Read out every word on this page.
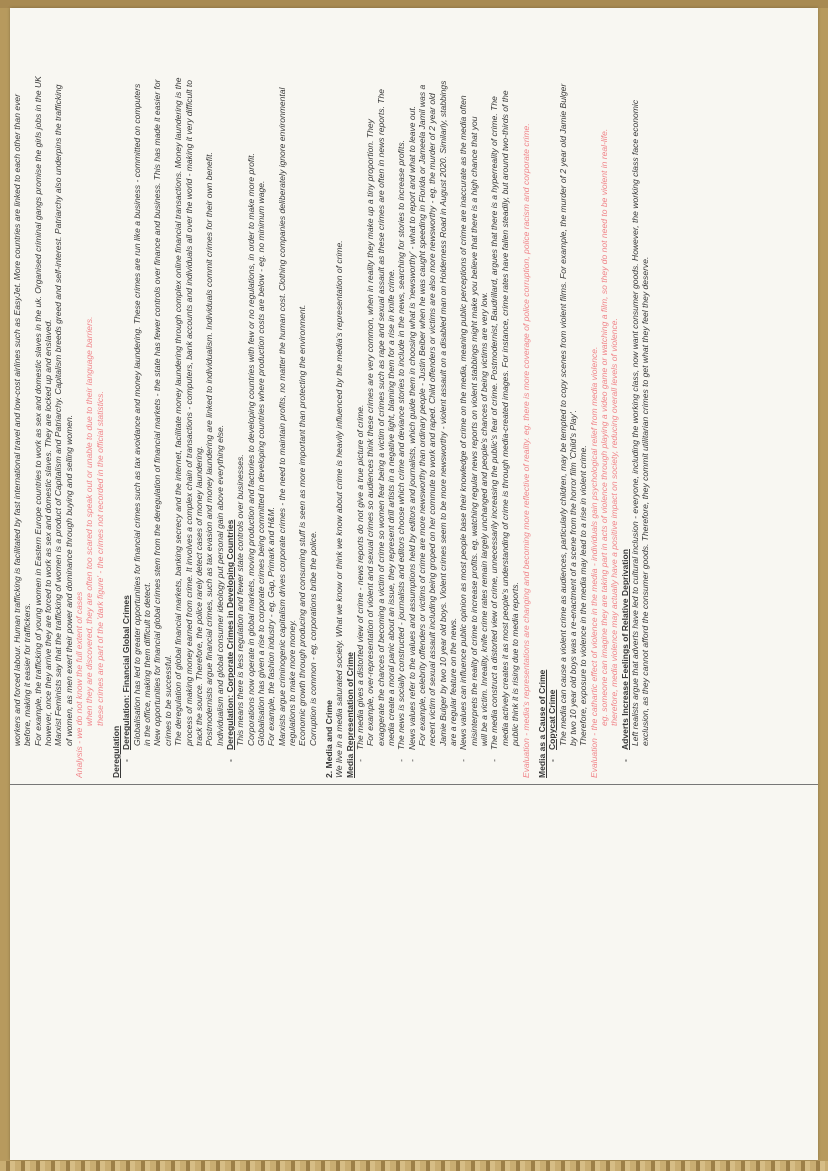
workers and forced labour. Human trafficking is facilitated by fast international travel and low-cost airlines such as EasyJet. More countries are linked to each other than ever before, making it easier for traffickers. For example, the trafficking of young women in Eastern Europe countries to work as sex and domestic slaves in the uk. Organised criminal gangs promise the girls jobs in the UK however, once they arrive they are forced to work as sex and domestic slaves. They are locked up and enslaved. Marxist Feminists say that the trafficking of women is a product of Capitalism and Patriarchy. Capitalism breeds greed and self-interest. Patriarchy also underpins the trafficking of women, as men exert their power and dominance through buying and selling women. Analysis - we do not know the full extent of cases when they are discovered, they are often too scared to speak out or unable to due to their language barriers. these crimes are part of the 'dark figure' - the crimes not recorded in the official statistics.
Deregulation -Deregulation: Financial Global Crimes Globalisation has led to greater opportunities for financial crimes such as tax avoidance and money laundering. These crimes are run like a business - committed on computers in the office, making them difficult to detect. New opportunities for financial global crimes stem from the deregulation of financial markets - the state has fewer controls over finance and business. This has made it easier for crimes to be successful. The deregulation of global financial markets, banking secrecy and the internet, facilitate money laundering through complex online financial transactions. Money laundering is the process of making money earned from crime. It involves a complex chain of transactions - computers, bank accounts and individuals all over the world - making it very difficult to track the source. Therefore, the police rarely detect cases of money laundering. Postmodernists argue financial crimes, such as tax evasion and money laundering are linked to individualism. Individuals commit crimes for their own benefit. Individualism and global consumer ideology put personal gain above everything else.
-Deregulation: Corporate Crimes in Developing Countries This means there is less regulation and fewer state controls over businesses. Corporations now operate in global markets, moving production and factories to developing countries with few or no regulations, in order to make more profit. Globalisation has given a rise to corporate crimes being committed in developing countries where production costs are below - eg. no minimum wage. For example, the fashion industry - eg. Gap, Primark and H&M. Marxists argue criminogenic capitalism drives corporate crimes - the need to maintain profits, no matter the human cost. Clothing companies deliberately ignore environmental regulations to make more money. Economic growth through producing and consuming stuff is seen as more important than protecting the environment. Corruption is common - eg. corporations bribe the police. 2. Media and Crime We live in a media saturated society. What we know or think we know about crime is heavily influenced by the media's representation of crime. Media Representation of Crime -The media gives a distorted view of crime - news reports do not give a true picture of crime. For example, over-representation of violent and sexual crimes so audiences think these crimes are very common, when in reality they make up a tiny proportion. They exaggerate the chances of becoming a victim of crime so women fear being a victim of crimes such as rape and sexual assault as these crimes are often in news reports. The media create a moral panic about an issue, they represent drill artists in a negative light, blaming them for a rise in knife crime.
-The news is socially constructed - journalists and editors choose which crime and deviance stories to include in the news, searching for stories to increase profits.
-News values refer to the values and assumptions held by editors and journalists, which guide them in choosing what is 'newsworthy' - what to report and what to leave out. For example, celebrity offenders or victims of crime are more newsworthy than ordinary people - Justin Beiber when he was caught speeding in Florida or Jameela Jamil was a recent victim of sexual assault including being groped on her commute to work and raped. Child offenders or victims are also more newsworthy - eg. the murder of 2 year old Jamie Bulger by two 10 year old boys. Violent crimes seem to be more newsworthy - violent assault on a disabled man on Holderness Road in August 2020. Similarly, stabbings are a regular feature on the news.
-News values can influence public opinion as most people base their knowledge of crime on the media, meaning public perceptions of crime are inaccurate as the media often misinterprets the reality of crime to increase profits. eg. watching regular news reports on violent stabbings might make you believe that there is a high chance that you will be a victim. Inreality, knife crime rates remain largely unchanged and people's chances of being victims are very low.
-The media construct a distorted view of crime, unnecessarily increasing the public's fear of crime. Postmodernist, Baudrillard, argues that there is a hyperreality of crime. The media actively creates it as most people's understanding of crime is through media-created images. For instance, crime rates have fallen steadily, but around two-thirds of the public think it is rising due to media reports. Evaluation - media's representations are changing and becoming more reflective of reality. eg. there is more coverage of police corruption, police racism and corporate crime. Media as a Cause of Crime -Copycat Crime The media can cause a violent crime as audiences, particularly children, may be tempted to copy scenes from violent films. For example, the murder of 2 year old Jamie Bulger by two 10 year old boys was a re-enactment of a scene from the horror film 'Child's Play'. Therefore, exposure to violence in the media may lead to a rise in violent crime. Evaluation - the cathartic effect of violence in the media - individuals gain psychological relief from media violence. eg. someone can imagine they are taking part in acts of violence through playing a video game or watching a film, so they do not need to be violent in real-life. therefore, media violence may actually have a positive impact on society, reducing overall levels of violence.
-Adverts Increase Feelings of Relative Deprivation Left realists argue that adverts have led to cultural inclusion - everyone, including the working class, now want consumer goods. However, the working class face economic exclusion, as they cannot afford the consumer goods. Therefore, they commit utilitarian crimes to get what they feel they deserve.
